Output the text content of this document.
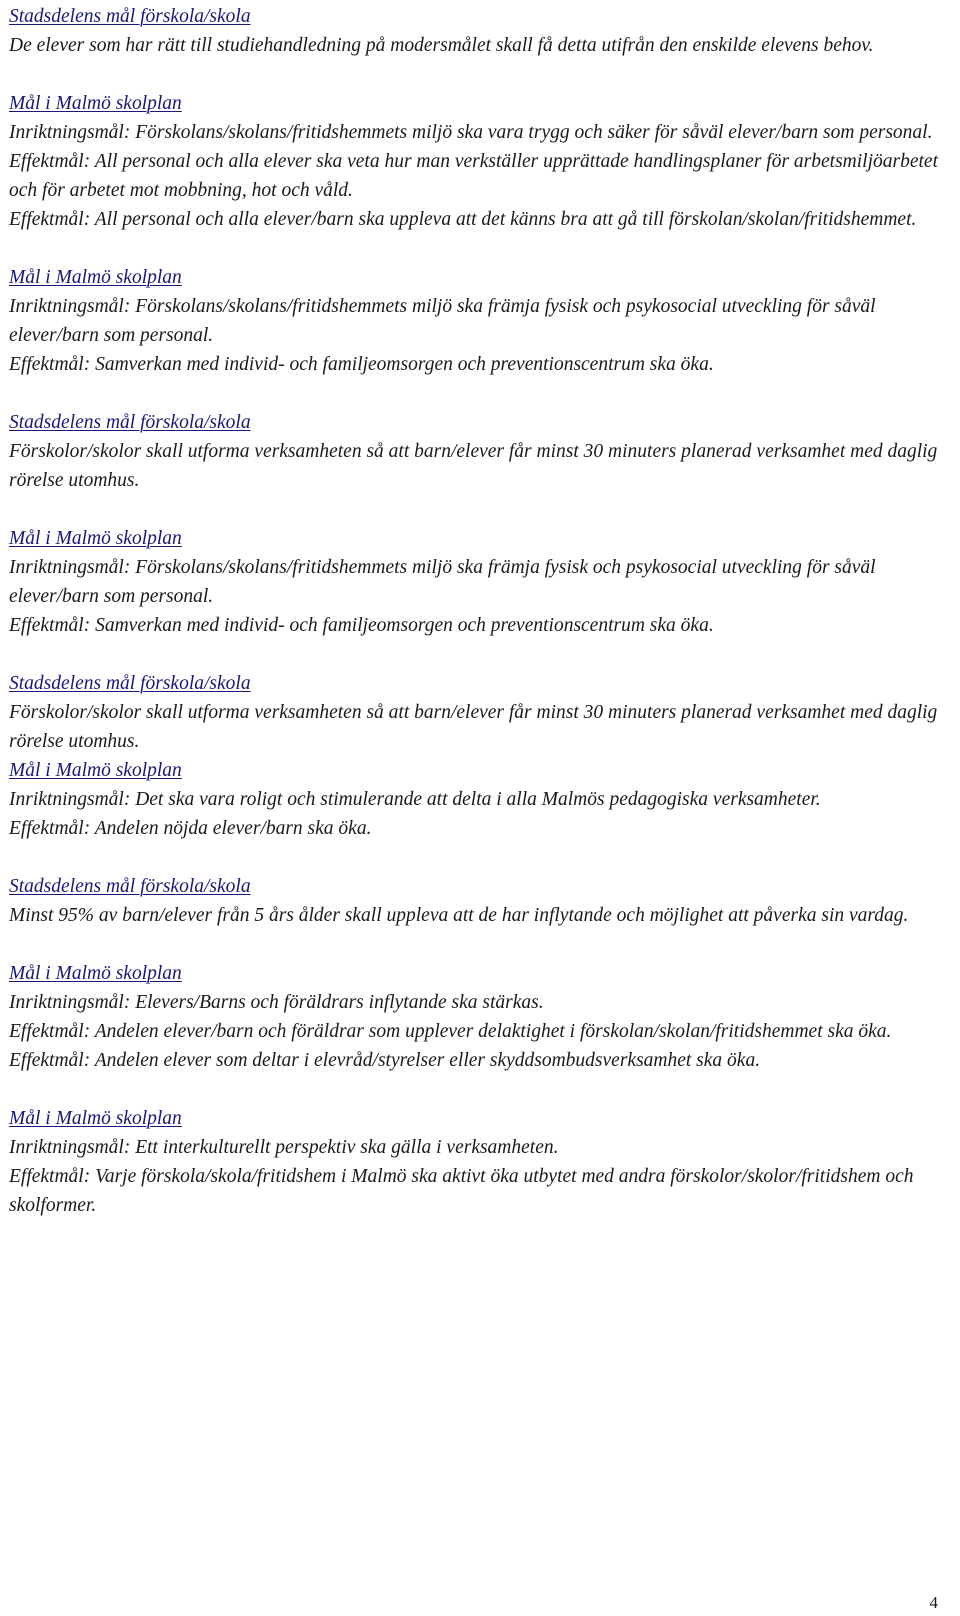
Stadsdelens mål förskola/skola

De elever som har rätt till studiehandledning på modersmålet skall få detta utifrån den enskilde elevens behov.

Mål i Malmö skolplan

Inriktningsmål: Förskolans/skolans/fritidshemmets miljö ska vara trygg och säker för såväl elever/barn som personal.

Effektmål: All personal och alla elever ska veta hur man verkställer upprättade handlingsplaner för arbetsmiljöarbetet och för arbetet mot mobbning, hot och våld.

Effektmål: All personal och alla elever/barn ska uppleva att det känns bra att gå till förskolan/skolan/fritidshemmet.

Mål i Malmö skolplan

Inriktningsmål: Förskolans/skolans/fritidshemmets miljö ska främja fysisk och psykosocial utveckling för såväl elever/barn som personal.

Effektmål: Samverkan med individ- och familjeomsorgen och preventionscentrum ska öka.

Stadsdelens mål förskola/skola

Förskolor/skolor skall utforma verksamheten så att barn/elever får minst 30 minuters planerad verksamhet med daglig rörelse utomhus.

Mål i Malmö skolplan

Inriktningsmål: Förskolans/skolans/fritidshemmets miljö ska främja fysisk och psykosocial utveckling för såväl elever/barn som personal.

Effektmål: Samverkan med individ- och familjeomsorgen och preventionscentrum ska öka.

Stadsdelens mål förskola/skola

Förskolor/skolor skall utforma verksamheten så att barn/elever får minst 30 minuters planerad verksamhet med daglig rörelse utomhus.

Mål i Malmö skolplan

Inriktningsmål: Det ska vara roligt och stimulerande att delta i alla Malmös pedagogiska verksamheter.

Effektmål: Andelen nöjda elever/barn ska öka.

Stadsdelens mål förskola/skola

Minst 95% av barn/elever från 5 års ålder skall uppleva att de har inflytande och möjlighet att påverka sin vardag.

Mål i Malmö skolplan

Inriktningsmål: Elevers/Barns och föräldrars inflytande ska stärkas.

Effektmål: Andelen elever/barn och föräldrar som upplever delaktighet i förskolan/skolan/fritidshemmet ska öka.

Effektmål: Andelen elever som deltar i elevråd/styrelser eller skyddsombudsverksamhet ska öka.

Mål i Malmö skolplan

Inriktningsmål: Ett interkulturellt perspektiv ska gälla i verksamheten.

Effektmål: Varje förskola/skola/fritidshem i Malmö ska aktivt öka utbytet med andra förskolor/skolor/fritidshem och skolformer.

4
